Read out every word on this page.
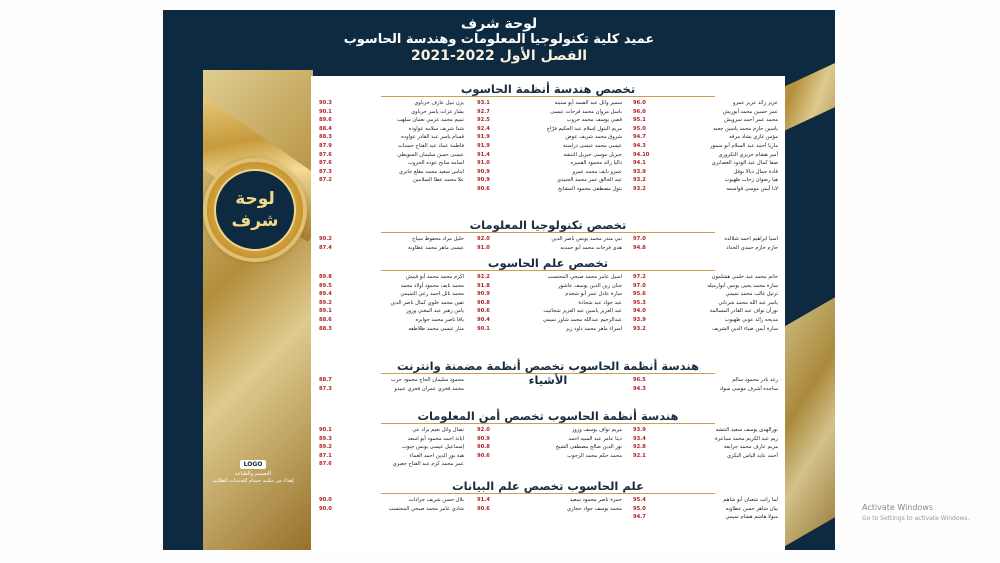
لوحة شرف
عميد كلية تكنولوجيا المعلومات وهندسة الحاسوب
الفصل الأول 2022-2021
لوحة
شرف
LOGO
التصميم والطباعة
إهداء من مكتبة حسام للخدمات الطلابية
تخصص هندسة أنظمة الحاسوب
96.0	عزيز زائد عزيز عمرو
96.0	عمر حسين محمد أبوريش
95.1	محمد عمر أحمد سرويش
95.0	ياسين حازم محمد ياسين جعبه
94.7	مؤمن غازي بشاد مرقه
94.3	ماريا أحمد عبد السلام أبو سمور
94.10	أمير هشام حريزي التكروري
94.1	صفا كمال عبد الودود العصابري
93.9	قادة جمال ديالا نوفل
93.2	هيا رضوان زحاب ظهيوب
93.2	لانا أيمن موسى قواسمه
93.1	سمير وائل عبد الصمد أبو سنينه
92.7	باسل مروان محمد فرحات عيسى
92.5	قصي يوسف محمد خروب
92.4	مريم البتول إسلام عبد الحكيم فرّاج
91.9	شروق محمد شريف عوض
91.9	عيسى محمد عيسى دراسنه
91.4	جبريل موسى جبريل النتشه
91.0	داليا رائد محمود القميزه
90.9	عمرو نايف محمد عمرو
90.9	عبد الخالق عمر محمد الجنيدي
90.6	بتول مصطفى محمود المشايخ
90.3	يزن نبيل عارف خرباوي
90.1	بشار غزات ياسر حرباوي
89.6	تميم محمد عزمي نعمان سلهب
88.4	شذا شريف سلامه عواوده
88.3	قسام ياسر عبد القادر عواوده
87.9	فاطمة عماد عبد الفتاح حسنات
87.6	عيسى حسن سليمان السويطي
87.6	اسامه سايح عوده الحروب
87.3	ايناس سعيد محمد مقلع جابري
87.2	علا محمد عطا السلامين
تخصص تكنولوجيا المعلومات
97.0	اسيا ابراهيم احمد شلالده
94.8	حازم حازم حمدي الحداد
92.0	نبي منذر محمد يونس ناصر الدين
91.0	هدى فرحات محمد أبو حمديه
90.2	خليل مراد محفوظ سياخ
87.4	عيسى ماهر محمد عطاونه
تخصص علم الحاسوب
97.2	حاتم محمد عبد حلمي هشلمون
97.0	سارة محمد يحيى يونس أبوارميله
95.6	ترتيل غالب محمد تميمي
95.3	ياسر عبد الله محمد شرباتي
94.0	نورأن نواف عبد القادر المسالمة
93.9	مديحه رائد عوني طهبوب
93.2	سارة أيمن ضياء الدين الشريف
92.2	اسيل عامر محمد صبحي المحتسب
91.8	جنان زين الدين يوسف عاشور
90.9	سارة عادل عمر أبو شخدم
90.8	عبد جواد عبد شحادة
90.6	عبد العزيز ياسين عبد العزيز شخاتيت
90.4	عبدالرحيم عبدالله محمد شاور تميمي
90.1	اسراء ماهر محمد داود زير
89.8	اكرم محمد محمد أبو قبيش
89.5	محمد نايف محمود أولاد محمد
89.4	محمد نائل احمد رعي التميمي
89.2	تقين محمد خلوي كمال ناصر الدين
89.1	يامن زهير عبد المغني وزوز
88.6	ياقا ناصر محمد جوابره
88.3	منار عيسى محمد طلاطفه
هندسة أنظمة الحاسوب تخصص أنظمة مضمنة وانترنت الأشياء	96.5	رغد نادر محمود سالم
94.3	ساجده أشرف موسى سواد
88.7	محمود سليمان الحاج محمود حرب
87.3	محمد فخري عمران فخري عبيدو
هندسة أنظمة الحاسوب تخصص أمن المعلومات
93.9	نورالهدى يوسف سعيد النتشه
93.4	ريم عبد الكريم محمد سباعرة
92.8	مريم عارف محمد جرابعه
92.1	أحمد عايد الياس البكري
92.0	مريم نواف يوسف وزوز
90.9	دينا عامر عبد السيد احمد
90.8	نور الدين صالح مصطفى الشيخ
90.6	محمد حكم محمد الرجوب
90.1	نضال وائل نعيم براد عي
89.3	ايانة احمد محمود أبو اسعد
89.2	إسماعيل عيسى يونس جبوب
87.1	هبة نور الدين احمد الغماء
87.6	عمر محمد كرم عبد الفتاح جعبري
علم الحاسوب تخصص علم البيانات
95.4	لما راتب شعبان أبو شاهم
95.0	بيان شاهر حسن عطاونه
94.7	منولا هاشم هشام تميمي
91.4	حمزة ناصر محمود سعيد
90.6	محمد يوسف جواد حجازي
90.0	بلال حسن شريف جرادات
90.0	شادي عامر محمد صبحي المحتسب	Activate Windows
Go to Settings to activate Windows.
